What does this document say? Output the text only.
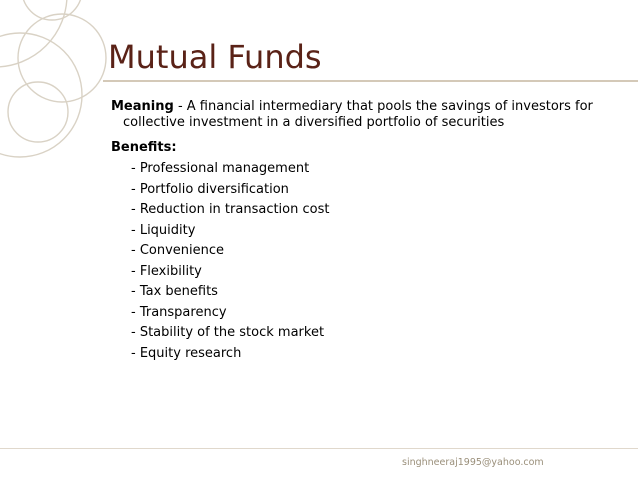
Mutual Funds

Meaning - A financial intermediary that pools the savings of investors for collective investment in a diversified portfolio of securities

Benefits:

- Professional management
- Portfolio diversification
- Reduction in transaction cost
- Liquidity
- Convenience
- Flexibility
- Tax benefits
- Transparency
- Stability of the stock market
- Equity research
singhneeraj1995@yahoo.com
